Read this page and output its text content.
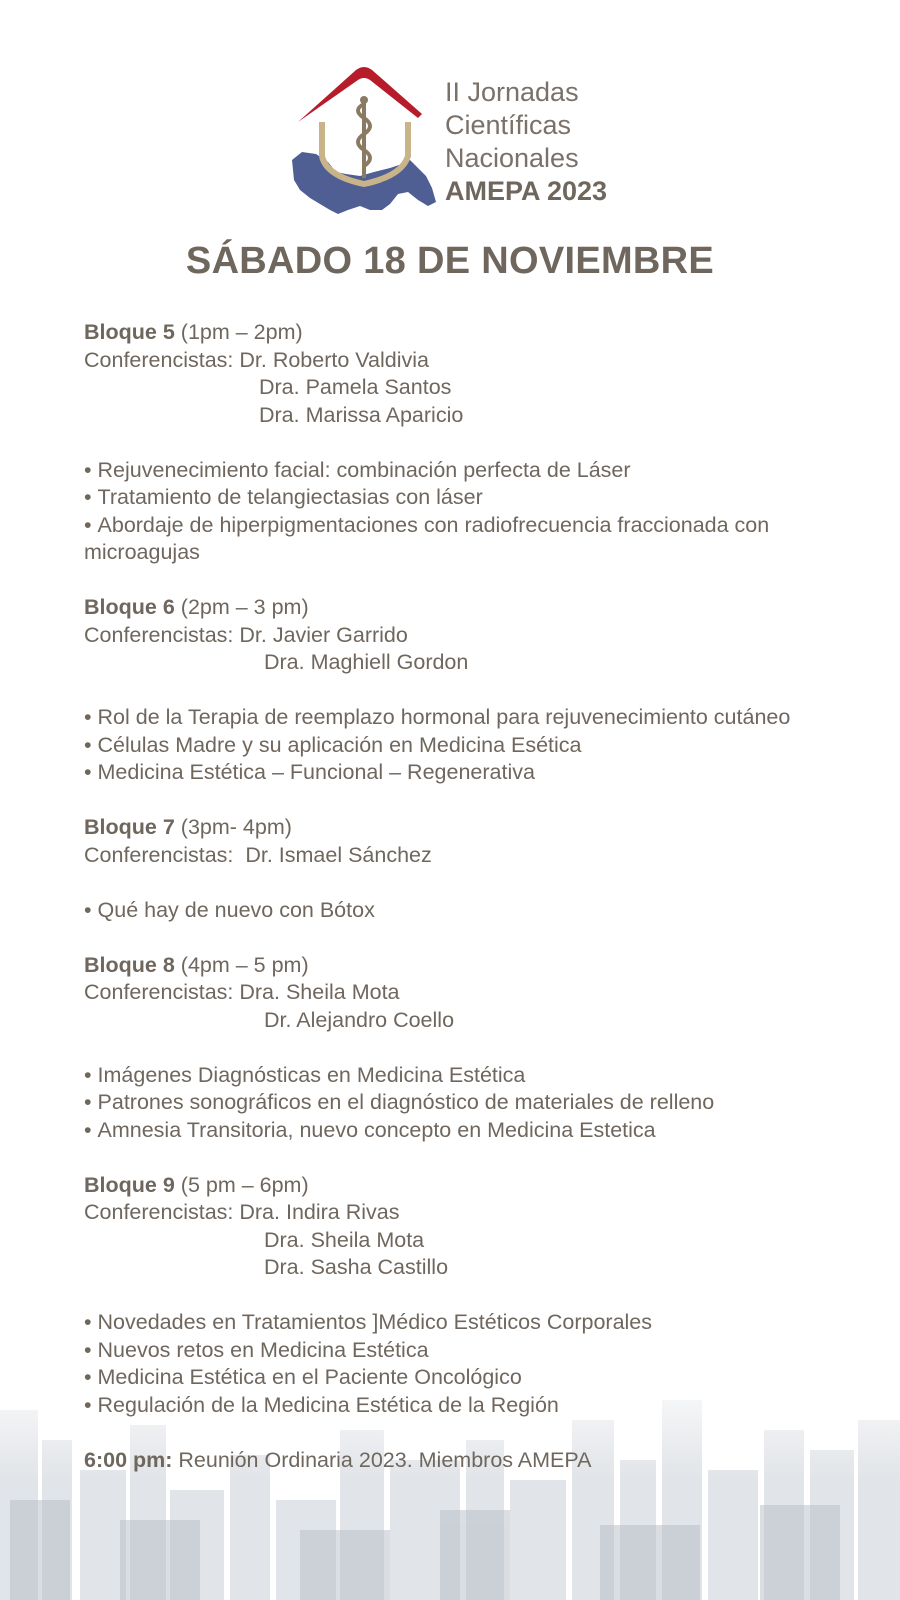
II Jornadas
Científicas
Nacionales
AMEPA 2023
SÁBADO 18 DE NOVIEMBRE
Bloque 5 (1pm – 2pm)
Conferencistas: Dr. Roberto Valdivia
Dra. Pamela Santos
Dra. Marissa Aparicio
• Rejuvenecimiento facial: combinación perfecta de Láser
• Tratamiento de telangiectasias con láser
• Abordaje de hiperpigmentaciones con radiofrecuencia fraccionada con microagujas
Bloque 6 (2pm – 3 pm)
Conferencistas: Dr. Javier Garrido
Dra. Maghiell Gordon
• Rol de la Terapia de reemplazo hormonal para rejuvenecimiento cutáneo
• Células Madre y su aplicación en Medicina Esética
• Medicina Estética – Funcional – Regenerativa
Bloque 7 (3pm- 4pm)
Conferencistas: Dr. Ismael Sánchez
• Qué hay de nuevo con Bótox
Bloque 8 (4pm – 5 pm)
Conferencistas: Dra. Sheila Mota
Dr. Alejandro Coello
• Imágenes Diagnósticas en Medicina Estética
• Patrones sonográficos en el diagnóstico de materiales de relleno
• Amnesia Transitoria, nuevo concepto en Medicina Estetica
Bloque 9 (5 pm – 6pm)
Conferencistas: Dra. Indira Rivas
Dra. Sheila Mota
Dra. Sasha Castillo
• Novedades en Tratamientos ]Médico Estéticos Corporales
• Nuevos retos en Medicina Estética
• Medicina Estética en el Paciente Oncológico
• Regulación de la Medicina Estética de la Región
6:00 pm: Reunión Ordinaria 2023. Miembros AMEPA
